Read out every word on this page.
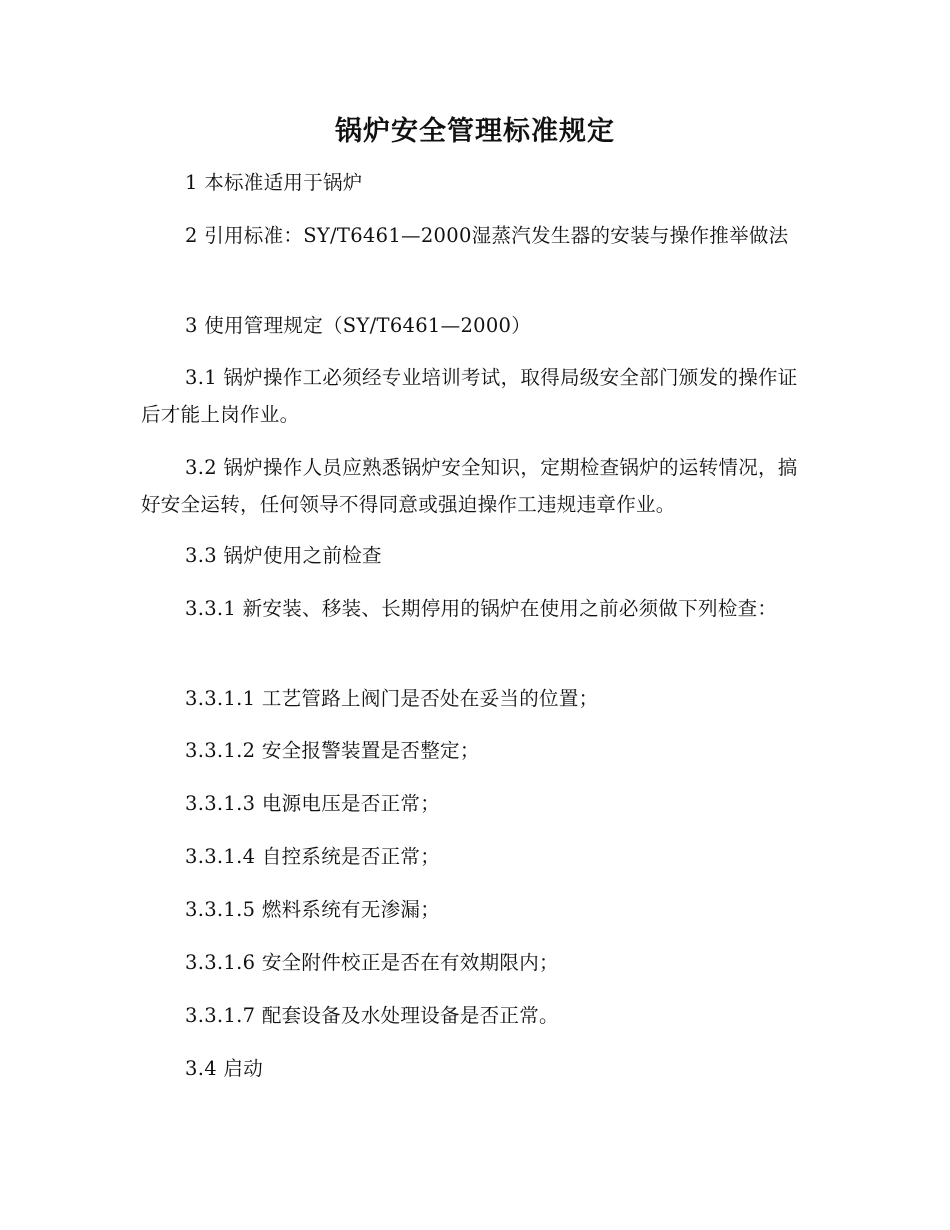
锅炉安全管理标准规定

1 本标准适用于锅炉

2 引用标准：SY/T6461—2000湿蒸汽发生器的安装与操作推举做法

3 使用管理规定（SY/T6461—2000）

3.1 锅炉操作工必须经专业培训考试，取得局级安全部门颁发的操作证后才能上岗作业。

3.2 锅炉操作人员应熟悉锅炉安全知识，定期检查锅炉的运转情况，搞好安全运转，任何领导不得同意或强迫操作工违规违章作业。

3.3 锅炉使用之前检查

3.3.1 新安装、移装、长期停用的锅炉在使用之前必须做下列检查：

3.3.1.1 工艺管路上阀门是否处在妥当的位置；

3.3.1.2 安全报警装置是否整定；

3.3.1.3 电源电压是否正常；

3.3.1.4 自控系统是否正常；

3.3.1.5 燃料系统有无渗漏；

3.3.1.6 安全附件校正是否在有效期限内；

3.3.1.7 配套设备及水处理设备是否正常。

3.4 启动
